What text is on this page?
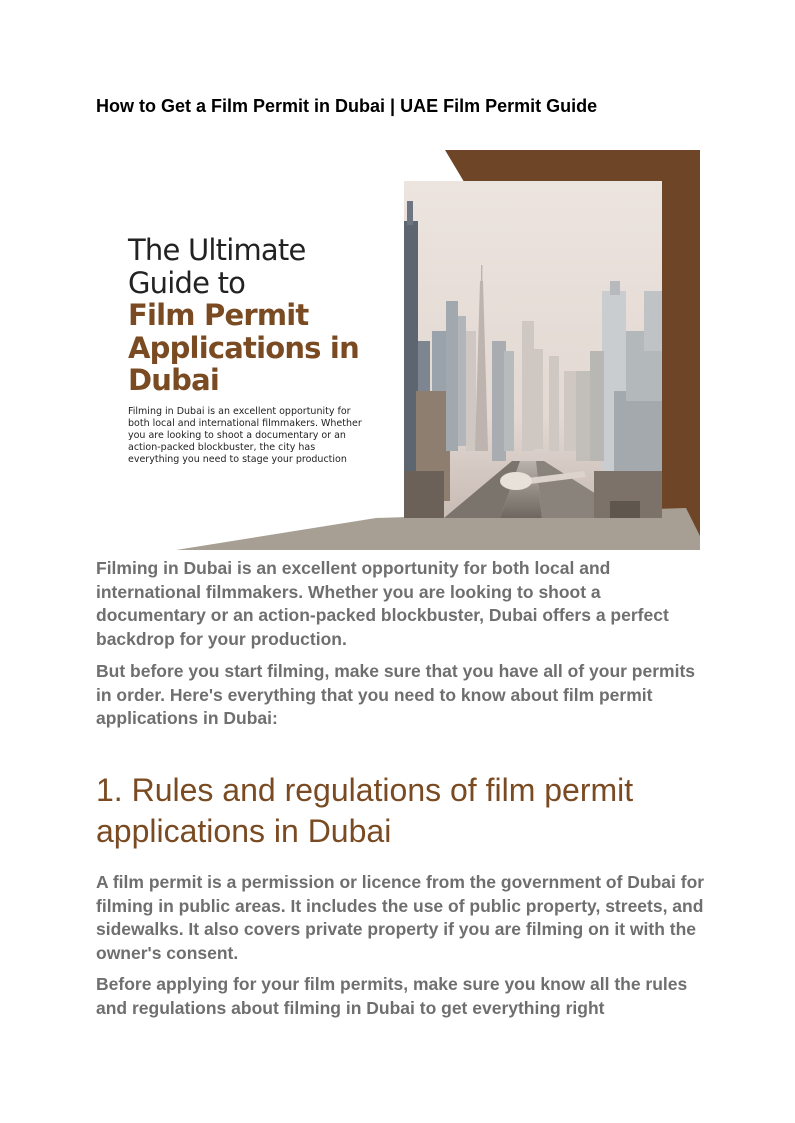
How to Get a Film Permit in Dubai | UAE Film Permit Guide
The Ultimate
Guide to
Film Permit
Applications in
Dubai

Filming in Dubai is an excellent opportunity for both local and international filmmakers. Whether you are looking to shoot a documentary or an action-packed blockbuster, the city has everything you need to stage your production

Filming in Dubai is an excellent opportunity for both local and international filmmakers. Whether you are looking to shoot a documentary or an action-packed blockbuster, Dubai offers a perfect backdrop for your production.

But before you start filming, make sure that you have all of your permits in order. Here's everything that you need to know about film permit applications in Dubai:

1. Rules and regulations of film permit applications in Dubai

A film permit is a permission or licence from the government of Dubai for filming in public areas. It includes the use of public property, streets, and sidewalks. It also covers private property if you are filming on it with the owner's consent.

Before applying for your film permits, make sure you know all the rules and regulations about filming in Dubai to get everything right
